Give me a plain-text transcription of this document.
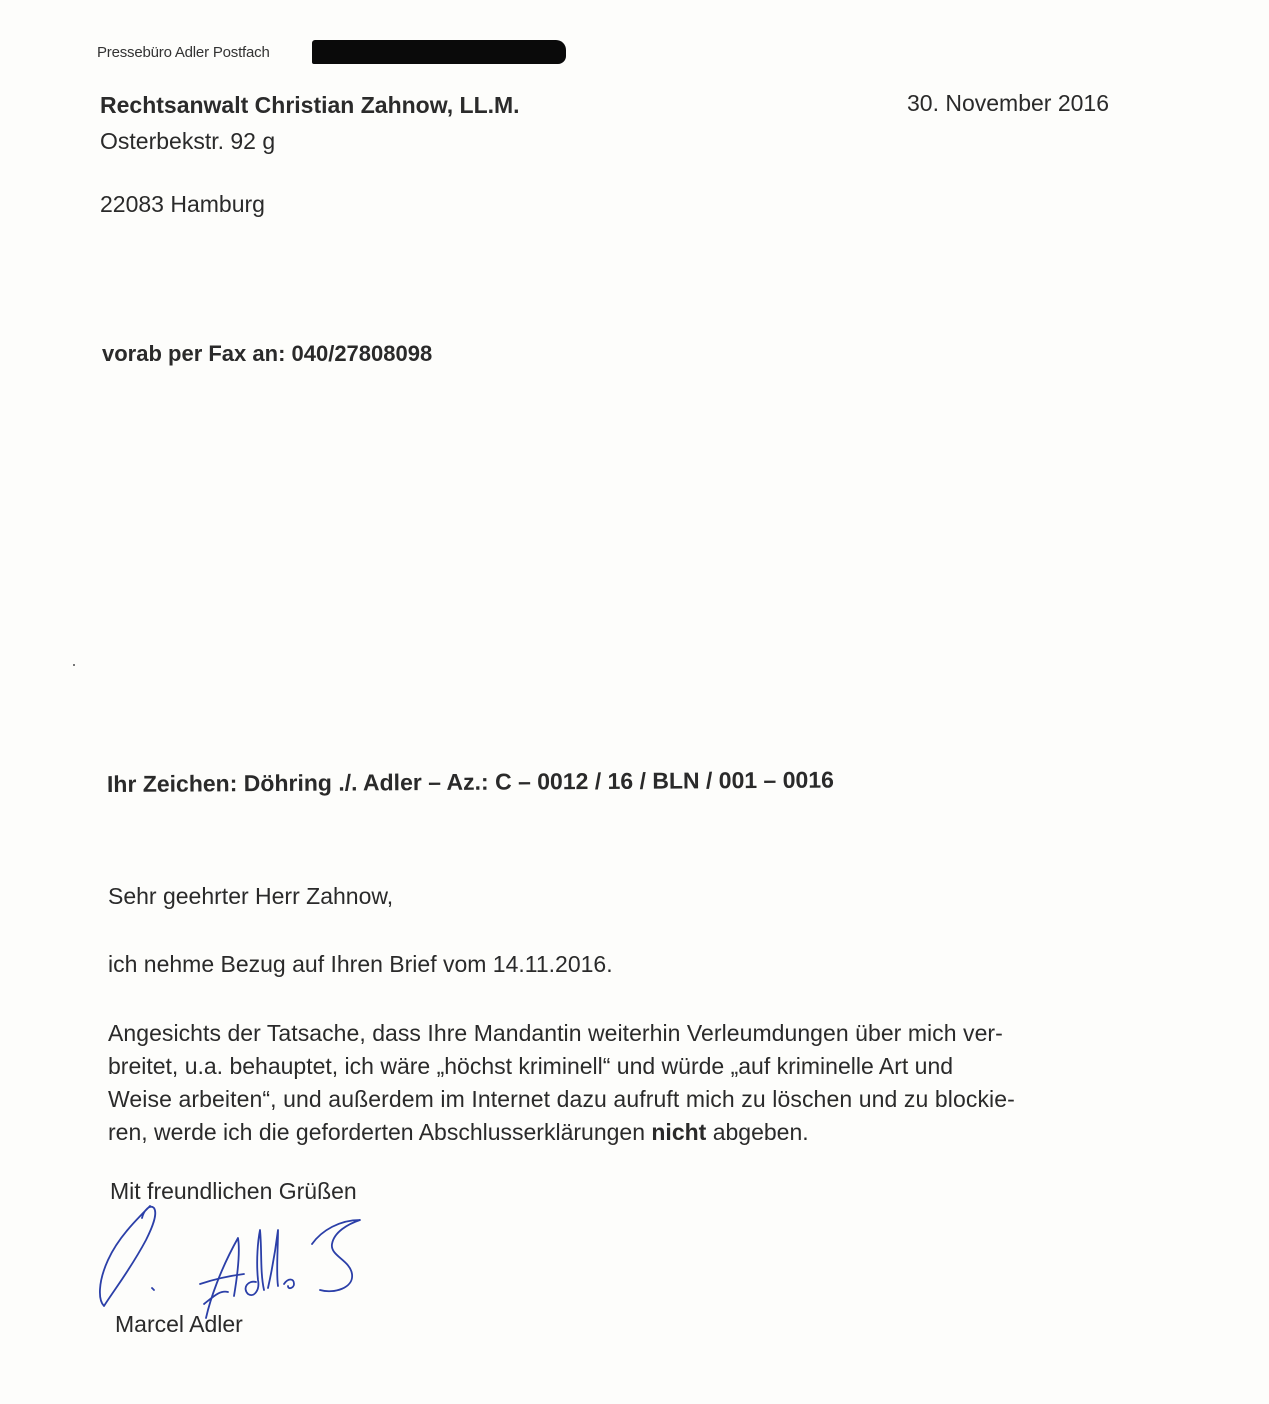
Pressebüro Adler Postfach
Rechtsanwalt Christian Zahnow, LL.M.
Osterbekstr. 92 g
22083 Hamburg
30. November 2016
vorab per Fax an: 040/27808098
Ihr Zeichen: Döhring ./. Adler – Az.: C – 0012 / 16 / BLN / 001 – 0016
Sehr geehrter Herr Zahnow,
ich nehme Bezug auf Ihren Brief vom 14.11.2016.
Angesichts der Tatsache, dass Ihre Mandantin weiterhin Verleumdungen über mich ver-
breitet, u.a. behauptet, ich wäre „höchst kriminell“ und würde „auf kriminelle Art und
Weise arbeiten“, und außerdem im Internet dazu aufruft mich zu löschen und zu blockie-
ren, werde ich die geforderten Abschlusserklärungen nicht abgeben.
Mit freundlichen Grüßen
Marcel Adler
